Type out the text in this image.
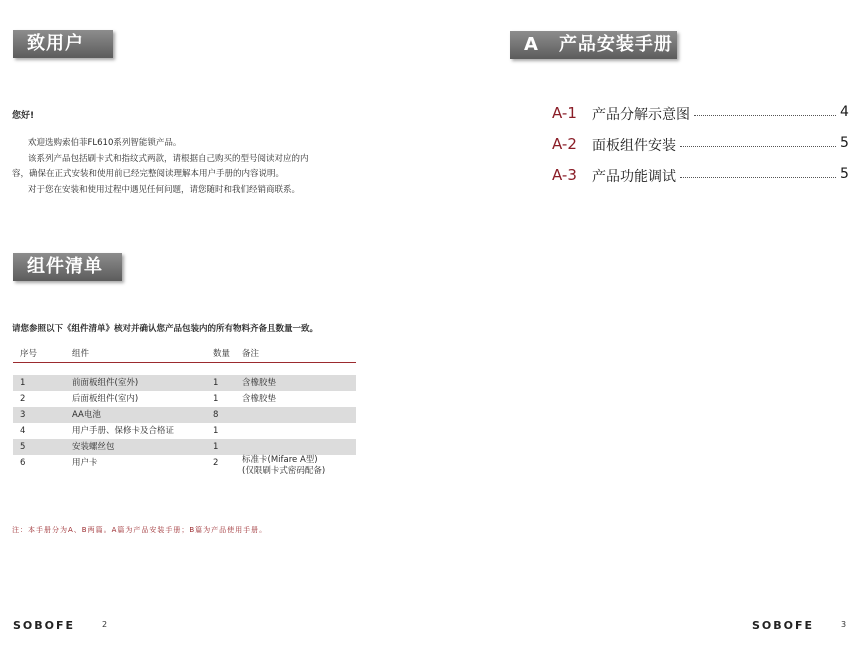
致用户
您好!

欢迎选购索伯菲FL610系列智能锁产品。

该系列产品包括刷卡式和指纹式两款，请根据自己购买的型号阅读对应的内

容，确保在正式安装和使用前已经完整阅读理解本用户手册的内容说明。

对于您在安装和使用过程中遇见任何问题，请您随时和我们经销商联系。

组件清单
请您参照以下《组件清单》核对并确认您产品包装内的所有物料齐备且数量一致。
序号	组件	数量	备注

1	前面板组件(室外)	1	含橡胶垫
2	后面板组件(室内)	1	含橡胶垫
3	AA电池	8	
4	用户手册、保修卡及合格证	1	
5	安装螺丝包	1	
6	用户卡	2	标准卡(Mifare A型)
(仅限刷卡式密码配备)
注：本手册分为A、B两篇。A篇为产品安装手册；B篇为产品使用手册。
SOBOFE	2
A 产品安装手册
A-1	产品分解示意图	4
A-2	面板组件安装	5
A-3	产品功能调试	5
SOBOFE	3
